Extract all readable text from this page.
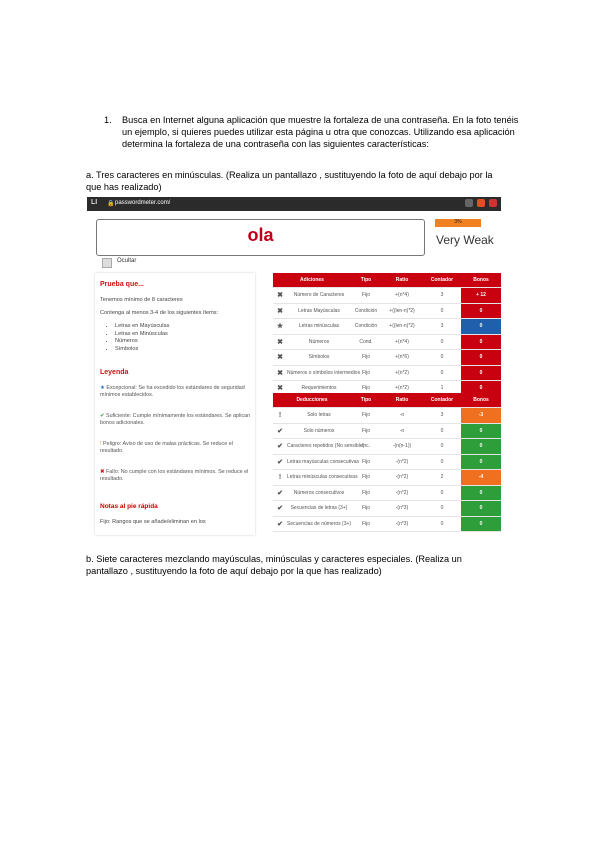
1. Busca en Internet alguna aplicación que muestre la fortaleza de una contraseña. En la foto tenéis un ejemplo, si quieres puedes utilizar esta página u otra que conozcas. Utilizando esa aplicación determina la fortaleza de una contraseña con las siguientes características:
a. Tres caracteres en minúsculas. (Realiza un pantallazo , sustituyendo la foto de aquí debajo por la que has realizado)
LI 🔒 passwordmeter.com/
ola
3%
Very Weak
Ocultar
Prueba que...
Tenemos mínimo de 8 caracteres
Contenga al menos 3-4 de los siguientes ítems:
• Letras en Mayúsculas
• Letras en Minúsculas
• Números
• Símbolos
Leyenda
★ Excepcional: Se ha excedido los estándares de seguridad mínimos establecidos.
✔ Suficiente: Cumple mínimamente los estándares. Se aplican bonos adicionales.
! Peligro: Aviso de uso de malas prácticas. Se reduce el resultado.
✖ Fallo: No cumple con los estándares mínimos. Se reduce el resultado.
Notas al pie rápida
Fijo: Rangos que se añade/eliminan en los
Adiciones		Tipo	Ratio	Contador	Bonos
✖	Número de Caracteres	Fijo	+(n*4)	3	+ 12
✖	Letras Mayúsculas	Condición	+((len-n)*2)	0	0
★	Letras minúsculas	Condición	+((len-n)*2)	3	0
✖	Números	Cond.	+(n*4)	0	0
✖	Símbolos	Fijo	+(n*6)	0	0
✖	Números o símbolos intermedios	Fijo	+(n*2)	0	0
✖	Requerimientos	Fijo	+(n*2)	1	0
Deducciones		Tipo	Ratio	Contador	Bonos
!	Solo letras	Fijo	-n	3	-3
✔	Solo números	Fijo	-n	0	0
✔	Caracteres repetidos (No sensible)	Inc.	-(n(n-1))	0	0
✔	Letras mayúsculas consecutivas	Fijo	-(n*2)	0	0
!	Letras minúsculas consecutivas	Fijo	-(n*2)	2	-4
✔	Números consecutivos	Fijo	-(n*2)	0	0
✔	Secuencias de letras (3+)	Fijo	-(n*3)	0	0
✔	Secuencias de números (3+)	Fijo	-(n*3)	0	0
b. Siete caracteres mezclando mayúsculas, minúsculas y caracteres especiales. (Realiza un pantallazo , sustituyendo la foto de aquí debajo por la que has realizado)
